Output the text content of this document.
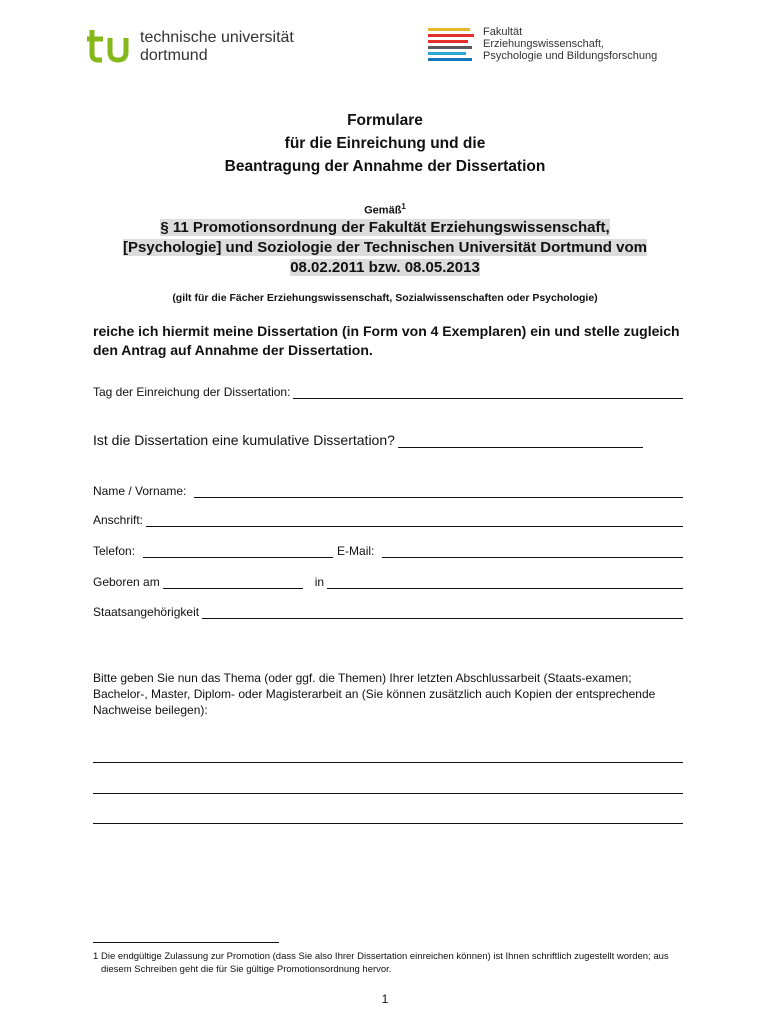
technische universität
dortmund
Fakultät
Erziehungswissenschaft,
Psychologie und Bildungsforschung
Formulare
für die Einreichung und die
Beantragung der Annahme der Dissertation
Gemäß$^1$
§ 11 Promotionsordnung der Fakultät Erziehungswissenschaft,
[Psychologie] und Soziologie der Technischen Universität Dortmund vom
08.02.2011 bzw. 08.05.2013
(gilt für die Fächer Erziehungswissenschaft, Sozialwissenschaften oder Psychologie)
reiche ich hiermit meine Dissertation (in Form von 4 Exemplaren) ein und stelle zugleich den Antrag auf Annahme der Dissertation.
Tag der Einreichung der Dissertation:
Ist die Dissertation eine kumulative Dissertation?
Name / Vorname:
Anschrift:
Telefon:	E-Mail:
Geboren am	in
Staatsangehörigkeit
Bitte geben Sie nun das Thema (oder ggf. die Themen) Ihrer letzten Abschlussarbeit (Staats-examen; Bachelor-, Master, Diplom- oder Magisterarbeit an (Sie können zusätzlich auch Kopien der entsprechende Nachweise beilegen):
1 Die endgültige Zulassung zur Promotion (dass Sie also Ihrer Dissertation einreichen können) ist Ihnen schriftlich zugestellt worden; aus diesem Schreiben geht die für Sie gültige Promotionsordnung hervor.
1
